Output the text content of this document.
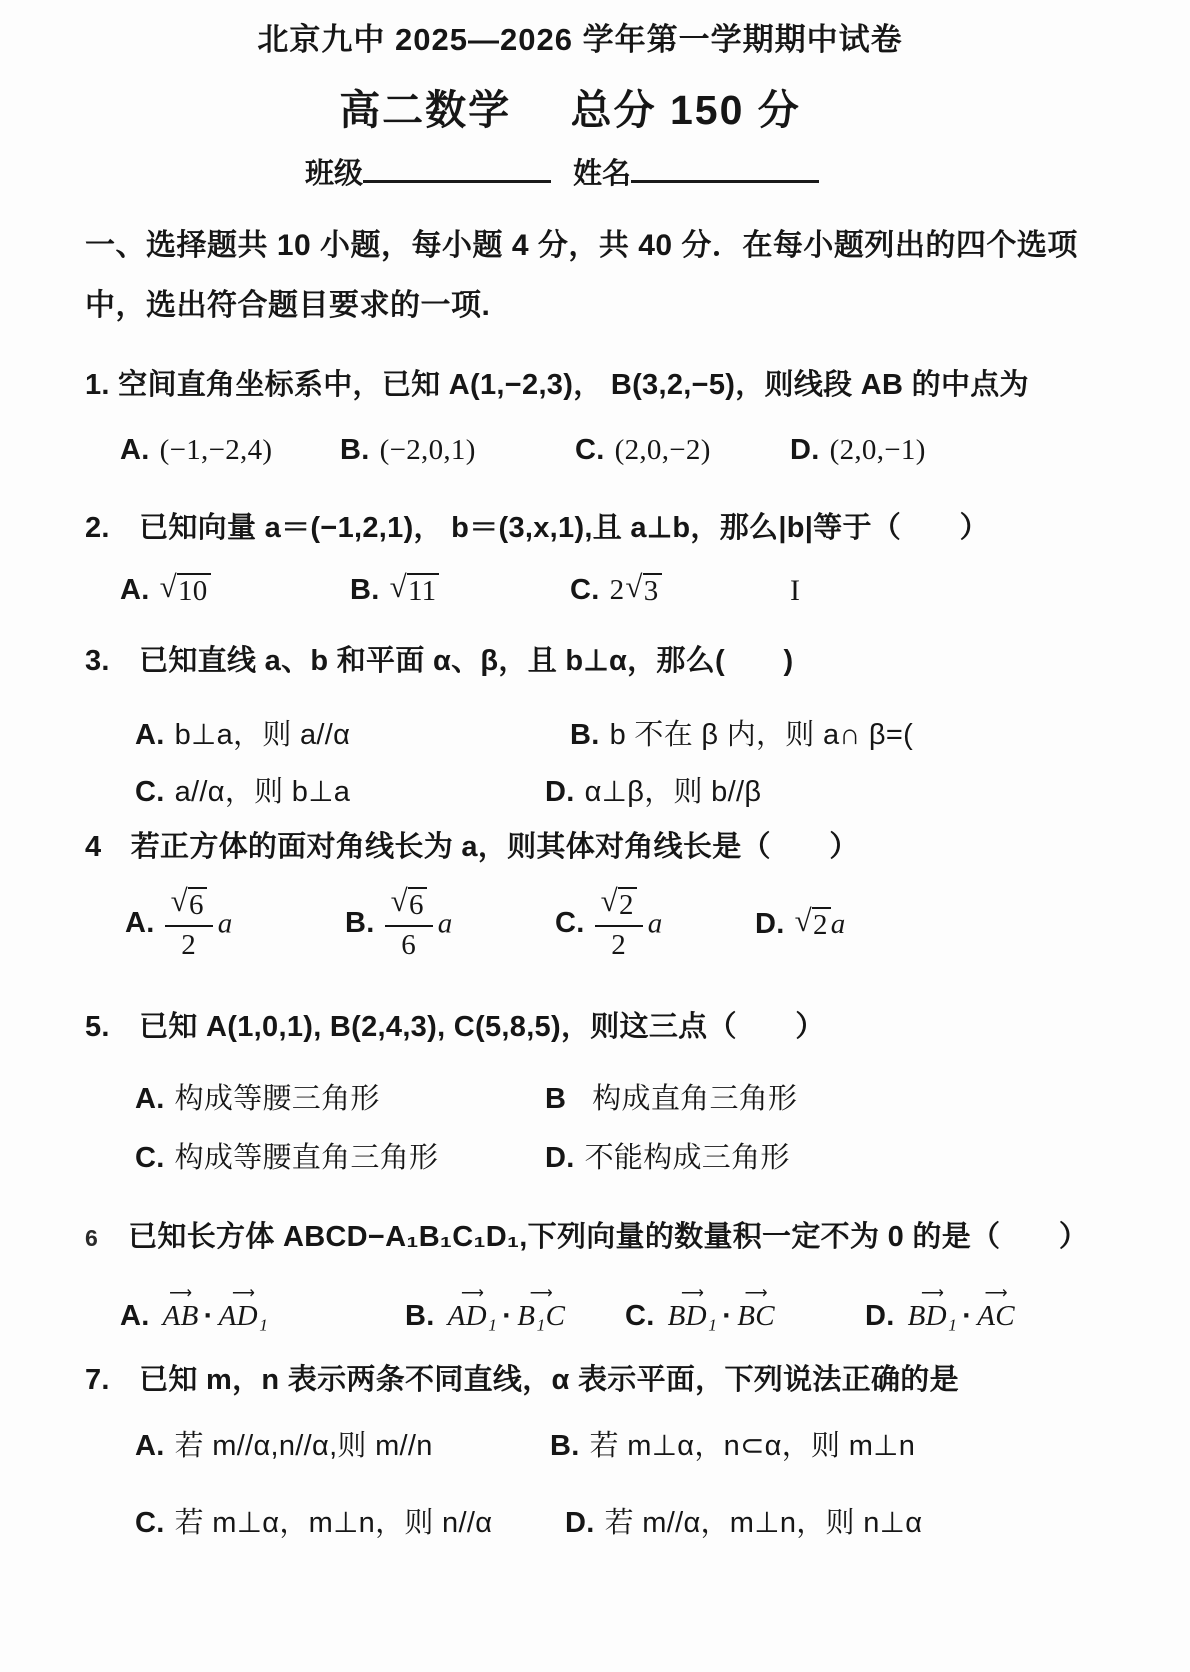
北京九中 2025—2026 学年第一学期期中试卷
高二数学 总分 150 分
班级	姓名
一、选择题共 10 小题，每小题 4 分，共 40 分．在每小题列出的四个选项中，选出符合题目要求的一项.
1. 空间直角坐标系中，已知 A(1,−2,3)， B(3,2,−5)，则线段 AB 的中点为
A. (−1,−2,4)	B. (−2,0,1)	C. (2,0,−2)	D. (2,0,−1)
2.　已知向量 a＝(−1,2,1)， b＝(3,x,1),且 a⊥b，那么|b|等于（　　）
A. √ 10	B. √ 11	C. 2 √ 3	I
3.　已知直线 a、b 和平面 α、β，且 b⊥α，那么(　　)
A. b⊥a，则 a//α	B. b 不在 β 内，则 a∩ β=(
C. a//α，则 b⊥a	D. α⊥β，则 b//β
4　若正方体的面对角线长为 a，则其体对角线长是（　　）
A. $\frac{√ 6}{2}$ a	B. $\frac{√ 6}{6}$ a	C. $\frac{√ 2}{2}$ a	D. √ 2 a
5.　已知 A(1,0,1), B(2,4,3), C(5,8,5)，则这三点（　　）
A. 构成等腰三角形	B 构成直角三角形
C. 构成等腰直角三角形	D. 不能构成三角形
6 已知长方体 ABCD−A₁B₁C₁D₁,下列向量的数量积一定不为 0 的是（　　）
A.
⟶
AB ·
⟶
AD₁	B.
⟶
AD₁ ·
⟶
B₁C	C.
⟶
BD₁ ·
⟶
BC	D.
⟶
BD₁ ·
⟶
AC
7.　已知 m，n 表示两条不同直线，α 表示平面，下列说法正确的是
A. 若 m//α,n//α,则 m//n	B. 若 m⊥α，n⊂α，则 m⊥n
C. 若 m⊥α，m⊥n，则 n//α	D. 若 m//α，m⊥n，则 n⊥α
